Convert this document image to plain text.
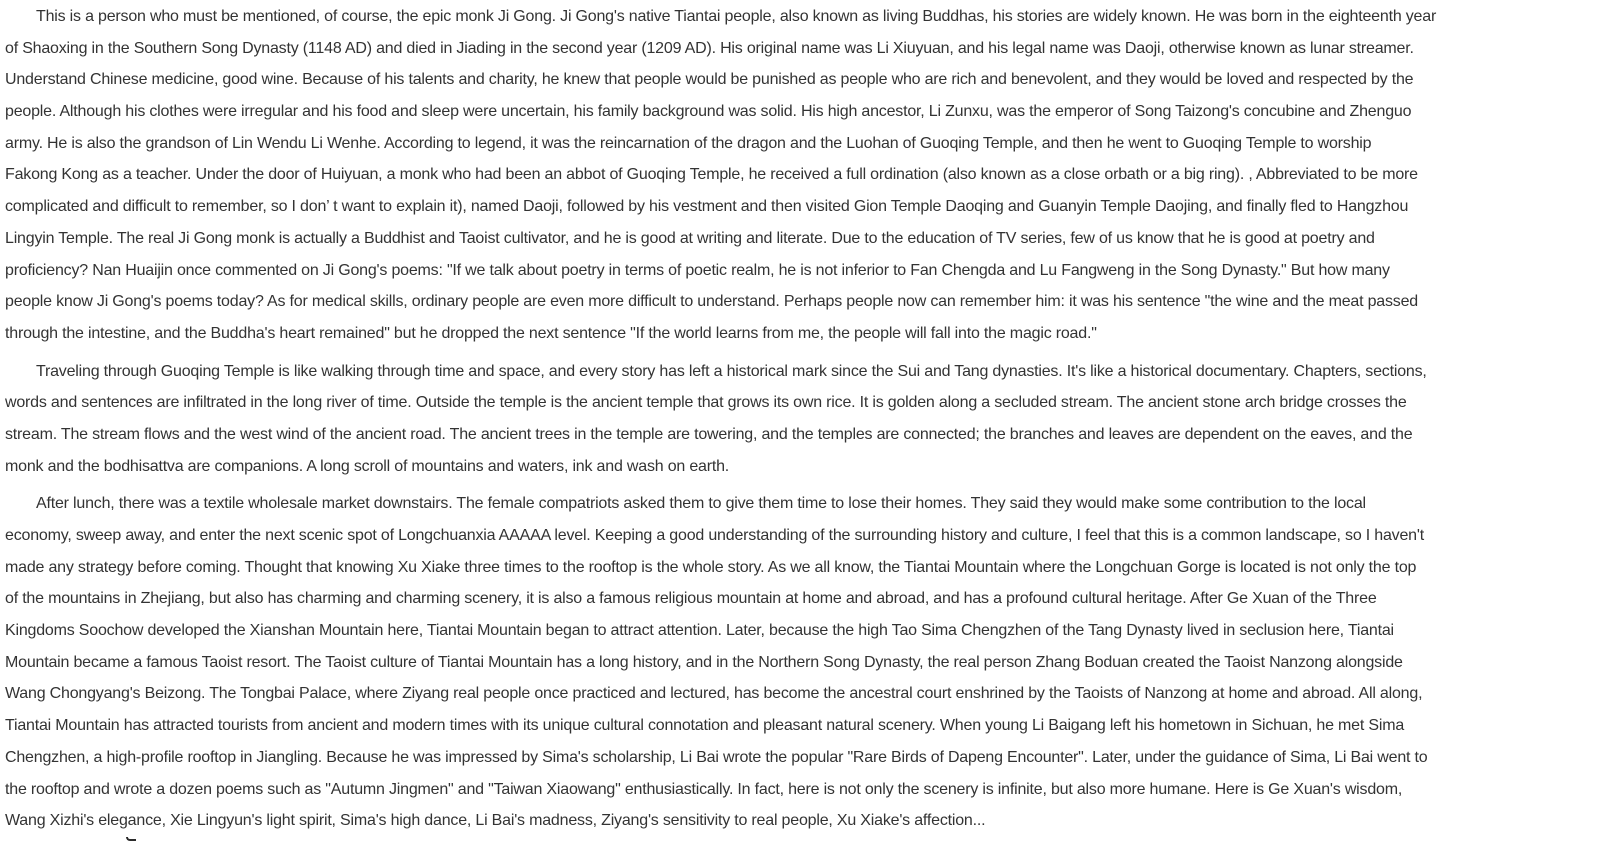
This is a person who must be mentioned, of course, the epic monk Ji Gong. Ji Gong's native Tiantai people, also known as living Buddhas, his stories are widely known. He was born in the eighteenth year
of Shaoxing in the Southern Song Dynasty (1148 AD) and died in Jiading in the second year (1209 AD). His original name was Li Xiuyuan, and his legal name was Daoji, otherwise known as lunar streamer.
Understand Chinese medicine, good wine. Because of his talents and charity, he knew that people would be punished as people who are rich and benevolent, and they would be loved and respected by the
people. Although his clothes were irregular and his food and sleep were uncertain, his family background was solid. His high ancestor, Li Zunxu, was the emperor of Song Taizong's concubine and Zhenguo
army. He is also the grandson of Lin Wendu Li Wenhe. According to legend, it was the reincarnation of the dragon and the Luohan of Guoqing Temple, and then he went to Guoqing Temple to worship
Fakong Kong as a teacher. Under the door of Huiyuan, a monk who had been an abbot of Guoqing Temple, he received a full ordination (also known as a close orbath or a big ring). , Abbreviated to be more
complicated and difficult to remember, so I don’ t want to explain it), named Daoji, followed by his vestment and then visited Gion Temple Daoqing and Guanyin Temple Daojing, and finally fled to Hangzhou
Lingyin Temple. The real Ji Gong monk is actually a Buddhist and Taoist cultivator, and he is good at writing and literate. Due to the education of TV series, few of us know that he is good at poetry and
proficiency? Nan Huaijin once commented on Ji Gong's poems: "If we talk about poetry in terms of poetic realm, he is not inferior to Fan Chengda and Lu Fangweng in the Song Dynasty." But how many
people know Ji Gong's poems today? As for medical skills, ordinary people are even more difficult to understand. Perhaps people now can remember him: it was his sentence "the wine and the meat passed
through the intestine, and the Buddha's heart remained" but he dropped the next sentence "If the world learns from me, the people will fall into the magic road."
Traveling through Guoqing Temple is like walking through time and space, and every story has left a historical mark since the Sui and Tang dynasties. It's like a historical documentary. Chapters, sections,
words and sentences are infiltrated in the long river of time. Outside the temple is the ancient temple that grows its own rice. It is golden along a secluded stream. The ancient stone arch bridge crosses the
stream. The stream flows and the west wind of the ancient road. The ancient trees in the temple are towering, and the temples are connected; the branches and leaves are dependent on the eaves, and the
monk and the bodhisattva are companions. A long scroll of mountains and waters, ink and wash on earth.
After lunch, there was a textile wholesale market downstairs. The female compatriots asked them to give them time to lose their homes. They said they would make some contribution to the local
economy, sweep away, and enter the next scenic spot of Longchuanxia AAAAA level. Keeping a good understanding of the surrounding history and culture, I feel that this is a common landscape, so I haven't
made any strategy before coming. Thought that knowing Xu Xiake three times to the rooftop is the whole story. As we all know, the Tiantai Mountain where the Longchuan Gorge is located is not only the top
of the mountains in Zhejiang, but also has charming and charming scenery, it is also a famous religious mountain at home and abroad, and has a profound cultural heritage. After Ge Xuan of the Three
Kingdoms Soochow developed the Xianshan Mountain here, Tiantai Mountain began to attract attention. Later, because the high Tao Sima Chengzhen of the Tang Dynasty lived in seclusion here, Tiantai
Mountain became a famous Taoist resort. The Taoist culture of Tiantai Mountain has a long history, and in the Northern Song Dynasty, the real person Zhang Boduan created the Taoist Nanzong alongside
Wang Chongyang's Beizong. The Tongbai Palace, where Ziyang real people once practiced and lectured, has become the ancestral court enshrined by the Taoists of Nanzong at home and abroad. All along,
Tiantai Mountain has attracted tourists from ancient and modern times with its unique cultural connotation and pleasant natural scenery. When young Li Baigang left his hometown in Sichuan, he met Sima
Chengzhen, a high-profile rooftop in Jiangling. Because he was impressed by Sima's scholarship, Li Bai wrote the popular "Rare Birds of Dapeng Encounter". Later, under the guidance of Sima, Li Bai went to
the rooftop and wrote a dozen poems such as "Autumn Jingmen" and "Taiwan Xiaowang" enthusiastically. In fact, here is not only the scenery is infinite, but also more humane. Here is Ge Xuan's wisdom,
Wang Xizhi's elegance, Xie Lingyun's light spirit, Sima's high dance, Li Bai's madness, Ziyang's sensitivity to real people, Xu Xiake's affection...
